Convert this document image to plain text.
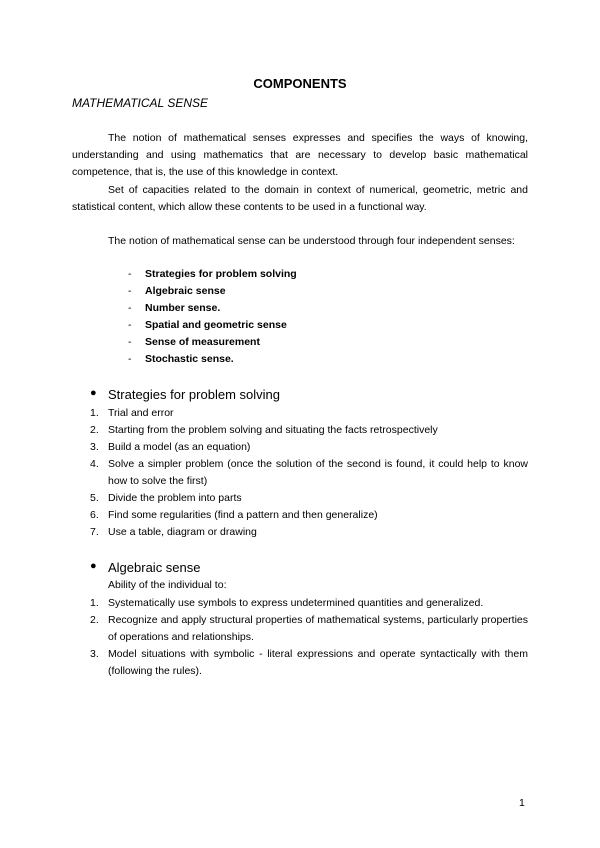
COMPONENTS
MATHEMATICAL SENSE

The notion of mathematical senses expresses and specifies the ways of knowing, understanding and using mathematics that are necessary to develop basic mathematical competence, that is, the use of this knowledge in context.

Set of capacities related to the domain in context of numerical, geometric, metric and statistical content, which allow these contents to be used in a functional way.

The notion of mathematical sense can be understood through four independent senses:

- Strategies for problem solving
- Algebraic sense
- Number sense.
- Spatial and geometric sense
- Sense of measurement
- Stochastic sense.
● Strategies for problem solving
1. Trial and error
2. Starting from the problem solving and situating the facts retrospectively
3. Build a model (as an equation)
4. Solve a simpler problem (once the solution of the second is found, it could help to know how to solve the first)
5. Divide the problem into parts
6. Find some regularities (find a pattern and then generalize)
7. Use a table, diagram or drawing
● Algebraic sense
Ability of the individual to:
1. Systematically use symbols to express undetermined quantities and generalized.
2. Recognize and apply structural properties of mathematical systems, particularly properties of operations and relationships.
3. Model situations with symbolic - literal expressions and operate syntactically with them (following the rules).
1
